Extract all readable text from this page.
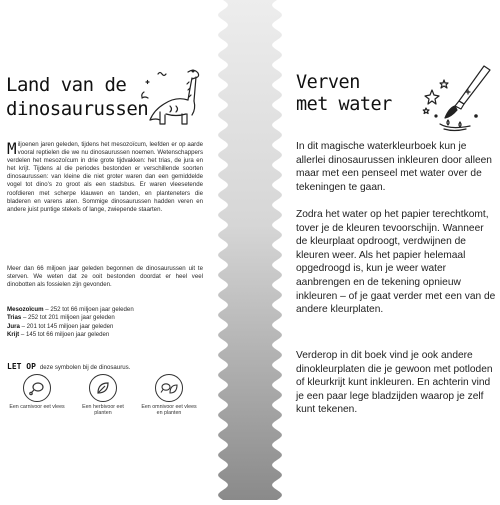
Land van de
dinosaurussen
Miljoenen jaren geleden, tijdens het mesozoïcum, leefden er op aarde vooral reptielen die we nu dinosaurussen noemen. Wetenschappers verdelen het mesozoïcum in drie grote tijdvakken: het trias, de jura en het krijt. Tijdens al die periodes bestonden er verschillende soorten dinosaurussen: van kleine die niet groter waren dan een gemiddelde vogel tot dino's zo groot als een stadsbus. Er waren vleesetende roofdieren met scherpe klauwen en tanden, en planteneters die bladeren en varens aten. Sommige dinosaurussen hadden veren en andere juist puntige stekels of lange, zwiepende staarten.
Meer dan 66 miljoen jaar geleden begonnen de dinosaurussen uit te sterven. We weten dat ze ooit bestonden doordat er heel veel dinobotten als fossielen zijn gevonden.
Mesozoïcum – 252 tot 66 miljoen jaar geleden
Trias – 252 tot 201 miljoen jaar geleden
Jura – 201 tot 145 miljoen jaar geleden
Krijt – 145 tot 66 miljoen jaar geleden
LET OP deze symbolen bij de dinosaurus.
Een carnivoor eet vlees	Een herbivoor eet planten
Een omnivoor eet vlees en planten
Verven
met water
In dit magische waterkleurboek kun je allerlei dinosaurussen inkleuren door alleen maar met een penseel met water over de tekeningen te gaan.
Zodra het water op het papier terechtkomt, tover je de kleuren tevoorschijn. Wanneer de kleurplaat opdroogt, verdwijnen de kleuren weer. Als het papier helemaal opgedroogd is, kun je weer water aanbrengen en de tekening opnieuw inkleuren – of je gaat verder met een van de andere kleurplaten.
Verderop in dit boek vind je ook andere dinokleurplaten die je gewoon met potloden of kleurkrijt kunt inkleuren. En achterin vind je een paar lege bladzijden waarop je zelf kunt tekenen.
